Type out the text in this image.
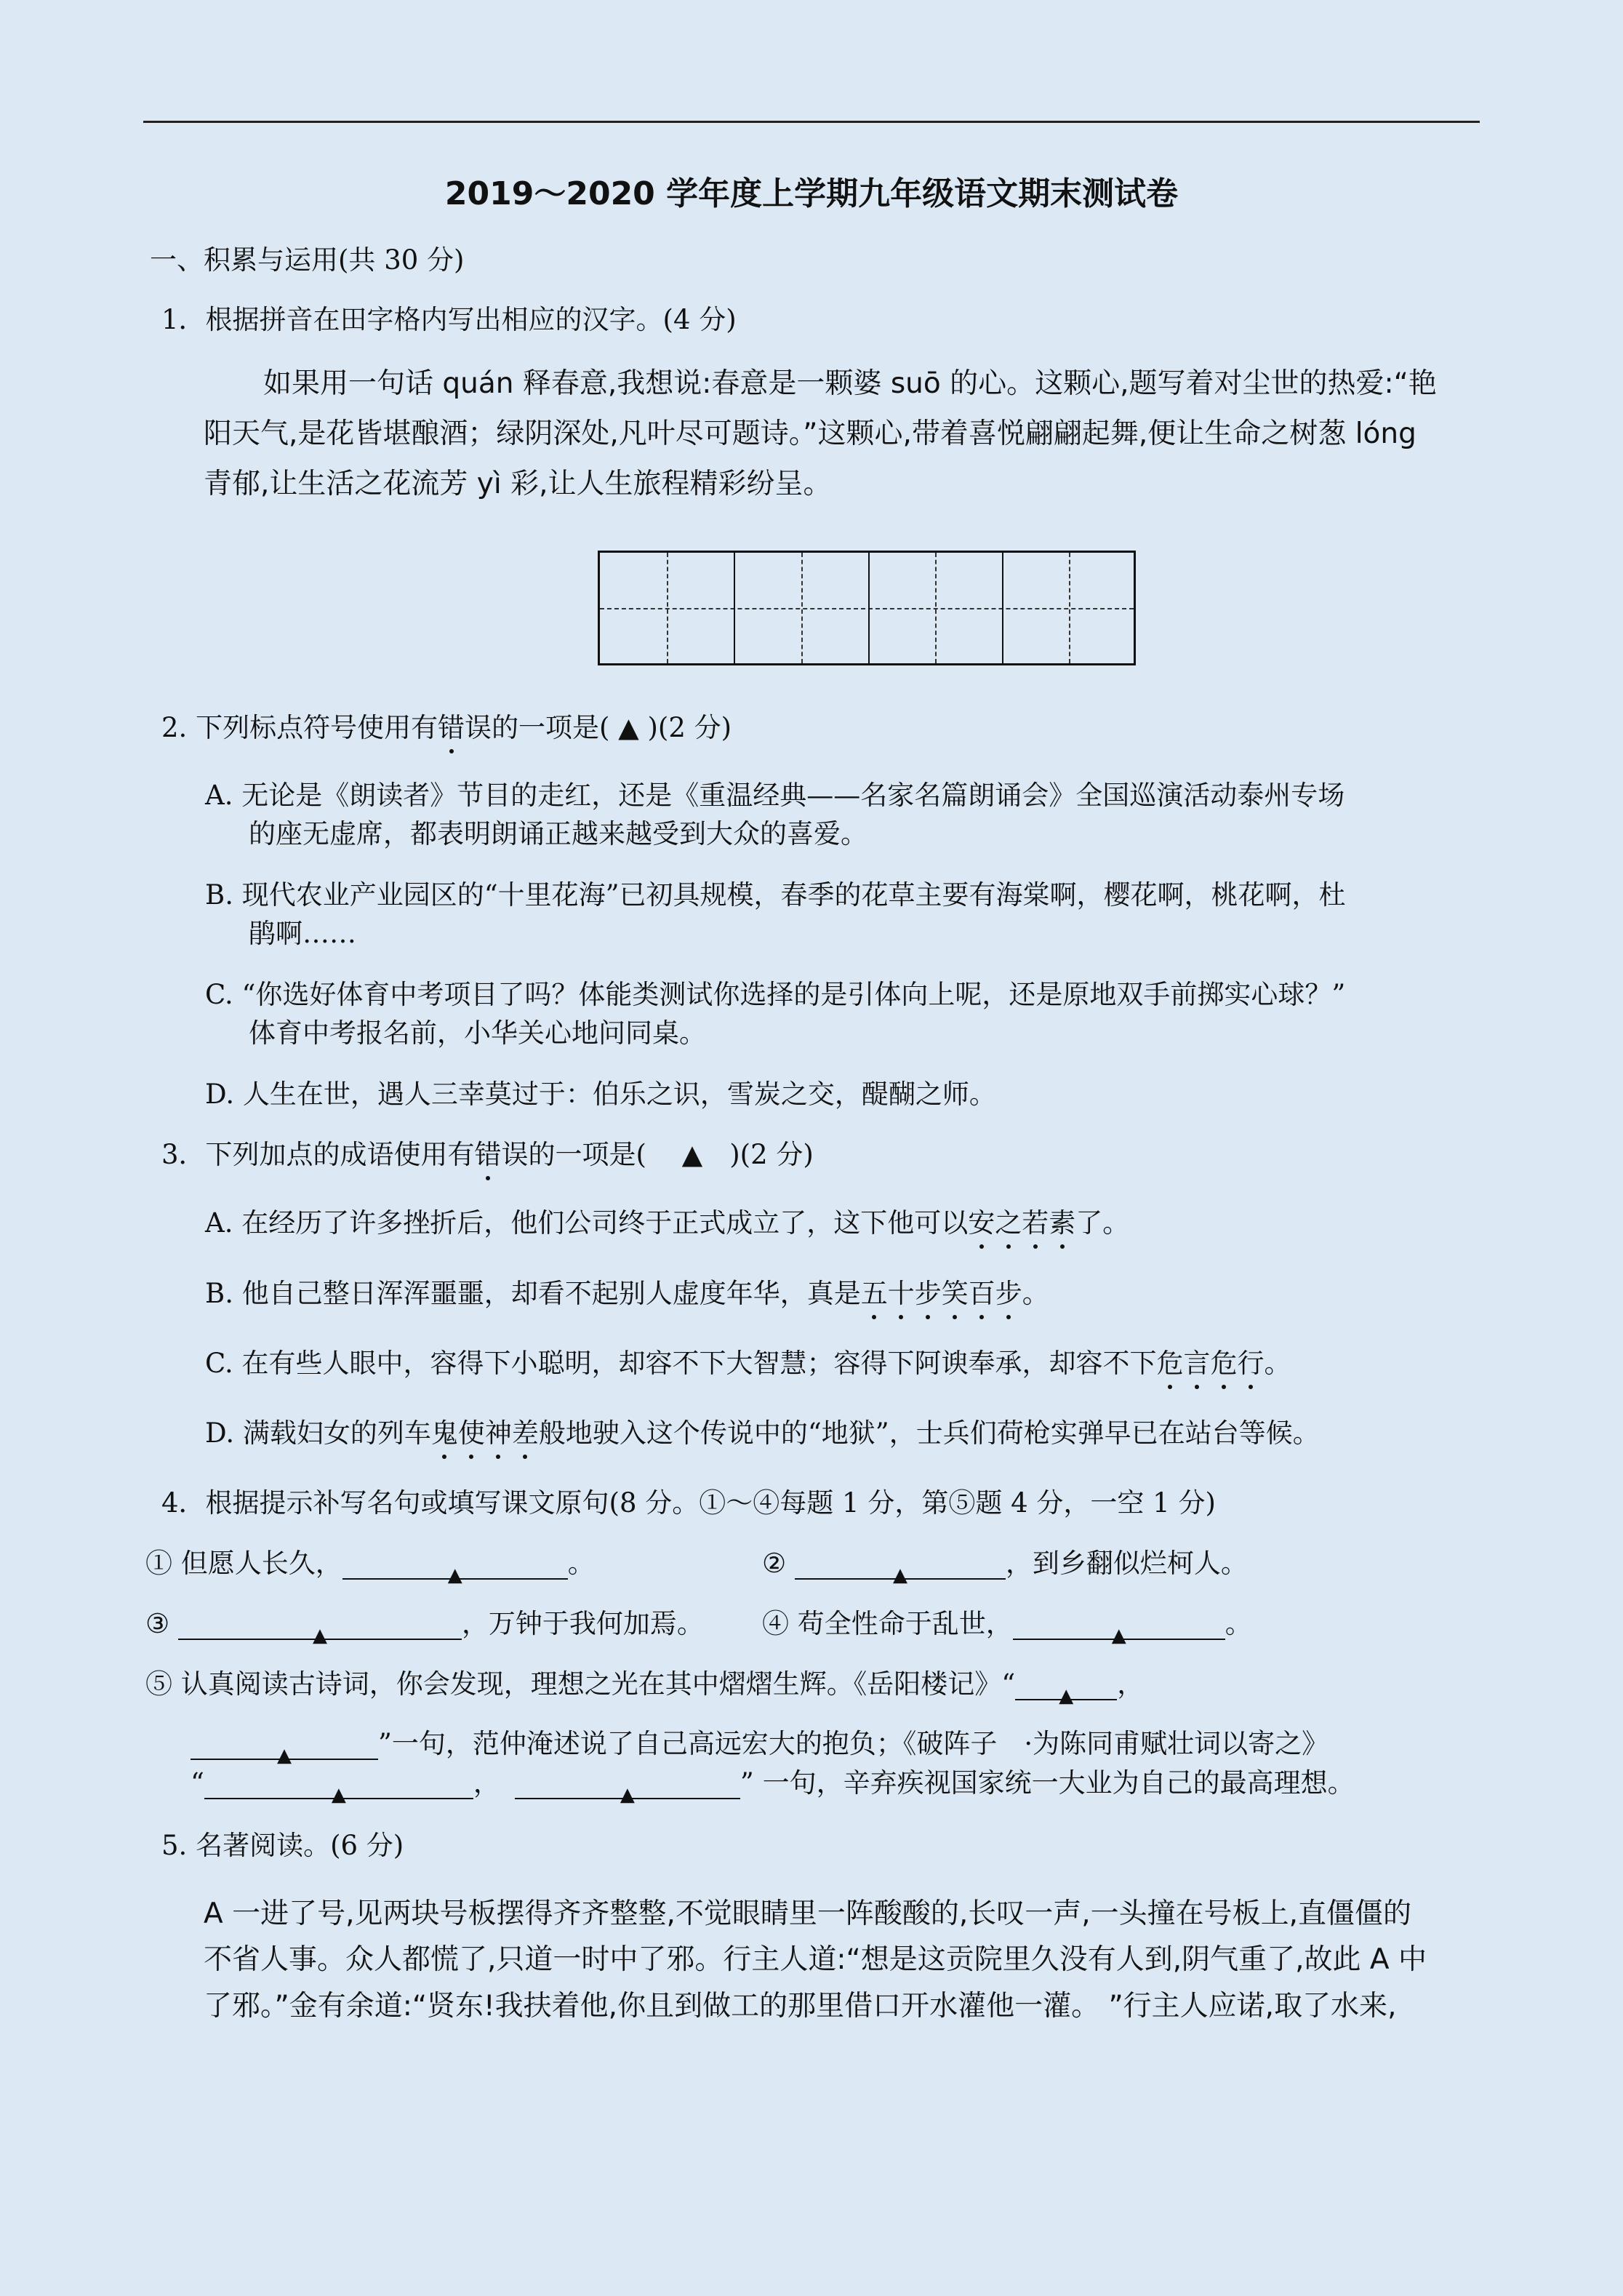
2019～2020 学年度上学期九年级语文期末测试卷
一、积累与运用(共 30 分)
1．根据拼音在田字格内写出相应的汉字。(4 分)
如果用一句话 quán 释春意,我想说:春意是一颗婆 suō 的心。这颗心,题写着对尘世的热爱:“艳
阳天气,是花皆堪酿酒；绿阴深处,凡叶尽可题诗。”这颗心,带着喜悦翩翩起舞,便让生命之树葱 lóng
青郁,让生活之花流芳 yì 彩,让人生旅程精彩纷呈。
2. 下列标点符号使用有错误的一项是( ▲ )(2 分)
A. 无论是《朗读者》节目的走红，还是《重温经典——名家名篇朗诵会》全国巡演活动泰州专场
的座无虚席，都表明朗诵正越来越受到大众的喜爱。
B. 现代农业产业园区的“十里花海”已初具规模，春季的花草主要有海棠啊，樱花啊，桃花啊，杜
鹃啊……
C. “你选好体育中考项目了吗？体能类测试你选择的是引体向上呢，还是原地双手前掷实心球？”
体育中考报名前，小华关心地问同桌。
D. 人生在世，遇人三幸莫过于：伯乐之识，雪炭之交，醍醐之师。
3．下列加点的成语使用有错误的一项是(　 ▲　)(2 分)
A. 在经历了许多挫折后，他们公司终于正式成立了，这下他可以安之若素了。
B. 他自己整日浑浑噩噩，却看不起别人虚度年华，真是五十步笑百步。
C. 在有些人眼中，容得下小聪明，却容不下大智慧；容得下阿谀奉承，却容不下危言危行。
D. 满载妇女的列车鬼使神差般地驶入这个传说中的“地狱”，士兵们荷枪实弹早已在站台等候。
4．根据提示补写名句或填写课文原句(8 分。①～④每题 1 分，第⑤题 4 分，一空 1 分)
① 但愿人长久，	▲	。	②	▲	，到乡翻似烂柯人。
③	▲	，万钟于我何加焉。 ④ 苟全性命于乱世，	▲	。
⑤ 认真阅读古诗词，你会发现，理想之光在其中熠熠生辉。《岳阳楼记》“ ▲ ，
▲	”一句，范仲淹述说了自己高远宏大的抱负；《破阵子　·为陈同甫赋壮词以寄之》
“	▲	，	▲	” 一句，辛弃疾视国家统一大业为自己的最高理想。
5. 名著阅读。(6 分)
A 一进了号,见两块号板摆得齐齐整整,不觉眼睛里一阵酸酸的,长叹一声,一头撞在号板上,直僵僵的
不省人事。众人都慌了,只道一时中了邪。行主人道:“想是这贡院里久没有人到,阴气重了,故此 A 中
了邪。”金有余道:“贤东!我扶着他,你且到做工的那里借口开水灌他一灌。 ”行主人应诺,取了水来,
